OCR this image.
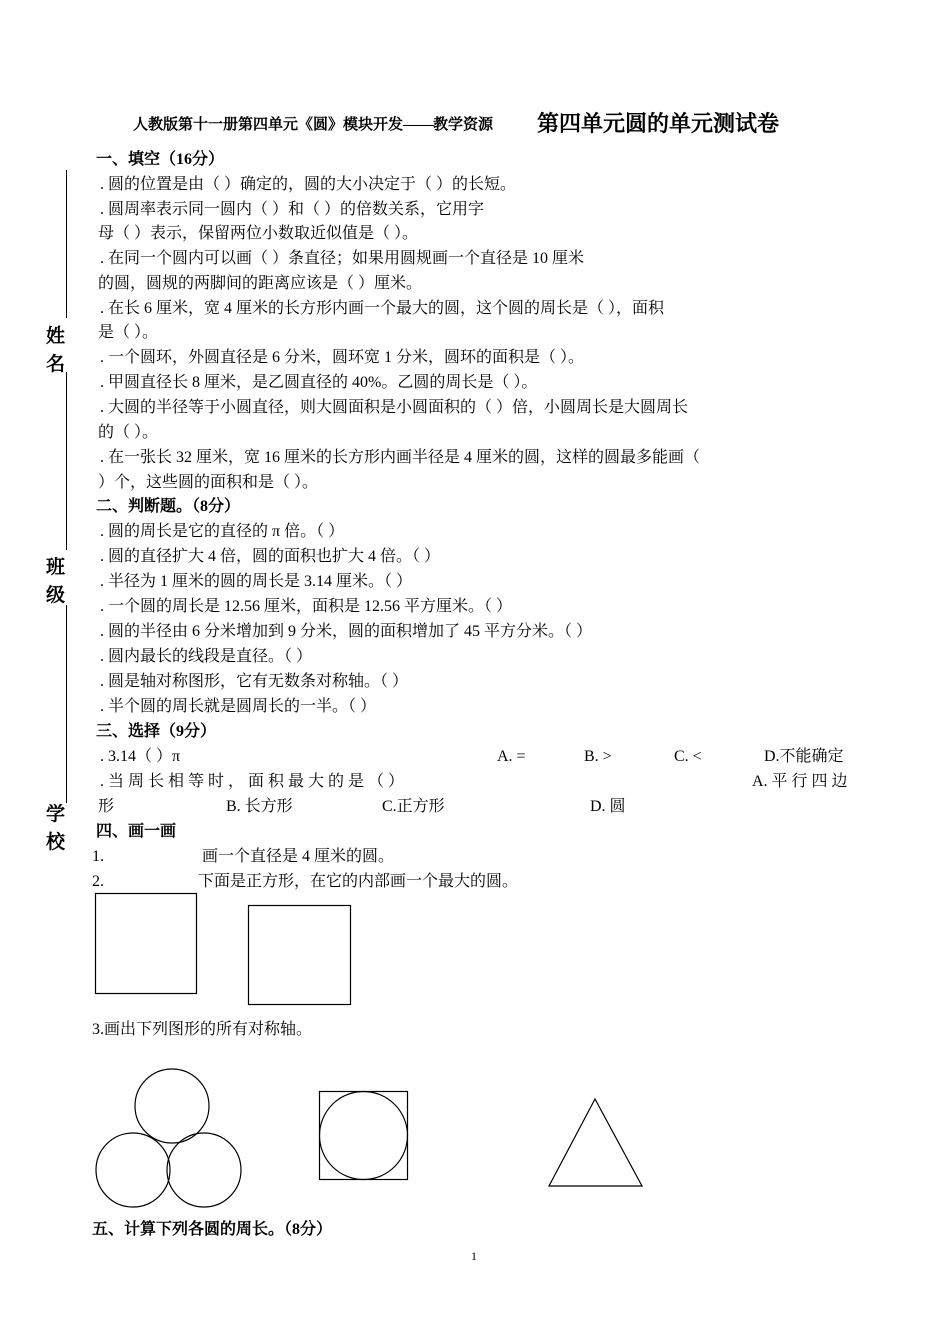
人教版第十一册第四单元《圆》模块开发——教学资源 第四单元圆的单元测试卷
姓名
班级
学校
一、填空（16分）
. 圆的位置是由（ ）确定的，圆的大小决定于（ ）的长短。
. 圆周率表示同一圆内（ ）和（ ）的倍数关系，它用字
母（ ）表示，保留两位小数取近似值是（ ）。
. 在同一个圆内可以画（ ）条直径；如果用圆规画一个直径是 10 厘米
的圆，圆规的两脚间的距离应该是（ ）厘米。
. 在长 6 厘米，宽 4 厘米的长方形内画一个最大的圆，这个圆的周长是（ ），面积
是（ ）。
. 一个圆环，外圆直径是 6 分米，圆环宽 1 分米，圆环的面积是（ ）。
. 甲圆直径长 8 厘米，是乙圆直径的 40%。乙圆的周长是（ ）。
. 大圆的半径等于小圆直径，则大圆面积是小圆面积的（ ）倍，小圆周长是大圆周长
的（ ）。
. 在一张长 32 厘米，宽 16 厘米的长方形内画半径是 4 厘米的圆，这样的圆最多能画（
）个，这些圆的面积和是（ ）。
二、判断题。（8分）
. 圆的周长是它的直径的 π 倍。（ ）
. 圆的直径扩大 4 倍，圆的面积也扩大 4 倍。（ ）
. 半径为 1 厘米的圆的周长是 3.14 厘米。（ ）
. 一个圆的周长是 12.56 厘米，面积是 12.56 平方厘米。（ ）
. 圆的半径由 6 分米增加到 9 分米，圆的面积增加了 45 平方分米。（ ）
. 圆内最长的线段是直径。（ ）
. 圆是轴对称图形，它有无数条对称轴。（ ）
. 半个圆的周长就是圆周长的一半。（ ）
三、选择（9分）
. 3.14（ ）π	A. =	B. >	C. <	D.不能确定
. 当 周 长 相 等 时 ， 面 积 最 大 的 是 （ ）	A. 平 行 四 边
形	B. 长方形	C.正方形	D. 圆
四、画一画
1.	画一个直径是 4 厘米的圆。
2.	下面是正方形，在它的内部画一个最大的圆。
3.画出下列图形的所有对称轴。
五、计算下列各圆的周长。（8分）
1
